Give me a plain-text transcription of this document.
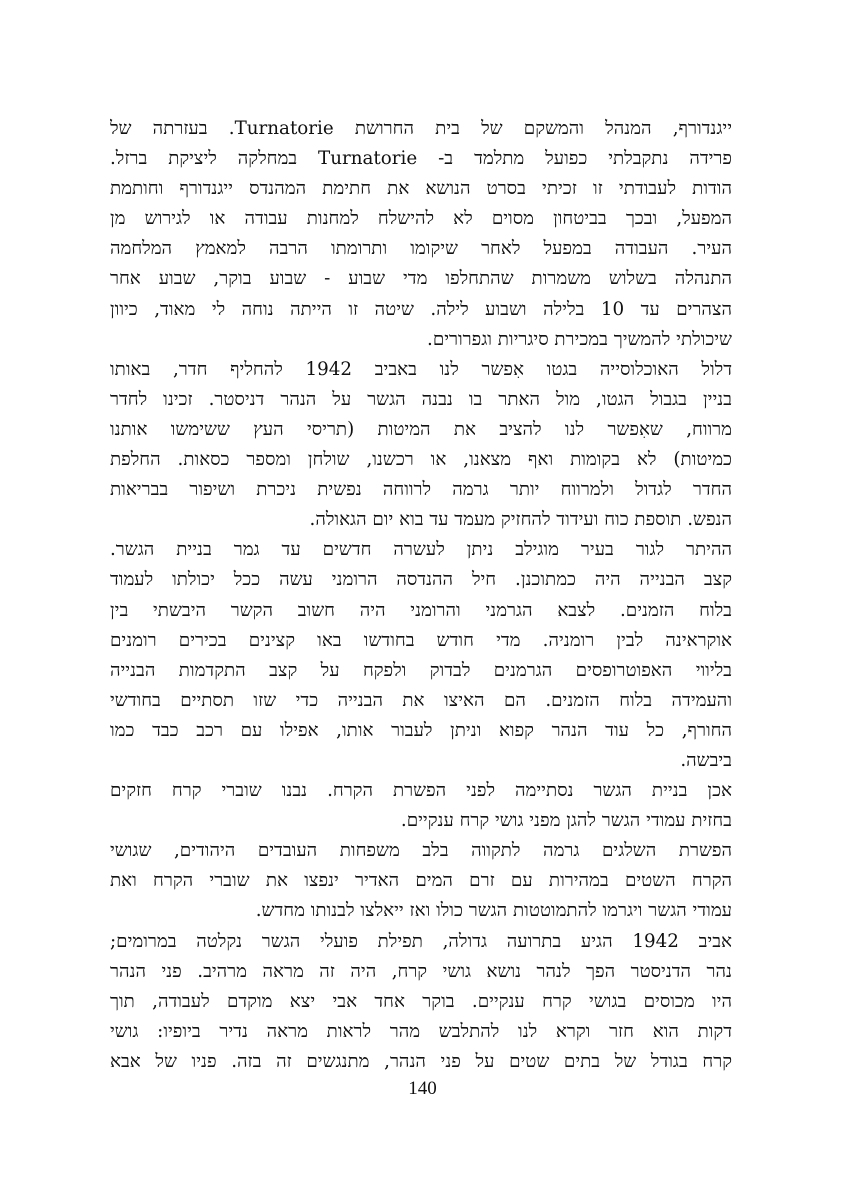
ייגנדורף, המנהל והמשקם של בית החרושת Turnatorie. בעזרתה של
פרידה נתקבלתי כפועל מתלמד ב- Turnatorie במחלקה ליציקת ברזל.
הודות לעבודתי זו זכיתי בסרט הנושא את חתימת המהנדס ייגנדורף וחותמת
המפעל, ובכך בביטחון מסוים לא להישלח למחנות עבודה או לגירוש מן
העיר. העבודה במפעל לאחר שיקומו ותרומתו הרבה למאמץ המלחמה
התנהלה בשלוש משמרות שהתחלפו מדי שבוע - שבוע בוקר, שבוע אחר
הצהרים עד 10 בלילה ושבוע לילה. שיטה זו הייתה נוחה לי מאוד, כיוון
שיכולתי להמשיך במכירת סיגריות וגפרורים.
דלול האוכלוסייה בגטו אִפשר לנו באביב 1942 להחליף חדר, באותו
בניין בגבול הגטו, מול האתר בו נבנה הגשר על הנהר דניסטר. זכינו לחדר
מרווח, שאִפשר לנו להציב את המיטות (תריסי העץ ששימשו אותנו
כמיטות) לא בקומות ואף מצאנו, או רכשנו, שולחן ומספר כסאות. החלפת
החדר לגדול ולמרווח יותר גרמה לרווחה נפשית ניכרת ושיפור בבריאות
הנפש. תוספת כוח ועידוד להחזיק מעמד עד בוא יום הגאולה.
ההיתר לגור בעיר מוגילב ניתן לעשרה חדשים עד גמר בניית הגשר.
קצב הבנייה היה כמתוכנן. חיל ההנדסה הרומני עשה ככל יכולתו לעמוד
בלוח הזמנים. לצבא הגרמני והרומני היה חשוב הקשר היבשתי בין
אוקראינה לבין רומניה. מדי חודש בחודשו באו קצינים בכירים רומנים
בליווי האפוטרופסים הגרמנים לבדוק ולפקח על קצב התקדמות הבנייה
והעמידה בלוח הזמנים. הם האיצו את הבנייה כדי שזו תסתיים בחודשי
החורף, כל עוד הנהר קפוא וניתן לעבור אותו, אפילו עם רכב כבד כמו
ביבשה.
אכן בניית הגשר נסתיימה לפני הפשרת הקרח. נבנו שוברי קרח חזקים
בחזית עמודי הגשר להגן מפני גושי קרח ענקיים.
הפשרת השלגים גרמה לתקווה בלב משפחות העובדים היהודים, שגושי
הקרח השטים במהירות עם זרם המים האדיר ינפצו את שוברי הקרח ואת
עמודי הגשר ויגרמו להתמוטטות הגשר כולו ואז ייאלצו לבנותו מחדש.
אביב 1942 הגיע בתרועה גדולה, תפילת פועלי הגשר נקלטה במרומים;
נהר הדניסטר הפך לנהר נושא גושי קרח, היה זה מראה מרהיב. פני הנהר
היו מכוסים בגושי קרח ענקיים. בוקר אחד אבי יצא מוקדם לעבודה, תוך
דקות הוא חזר וקרא לנו להתלבש מהר לראות מראה נדיר ביופיו: גושי
קרח בגודל של בתים שטים על פני הנהר, מתנגשים זה בזה. פניו של אבא
140
